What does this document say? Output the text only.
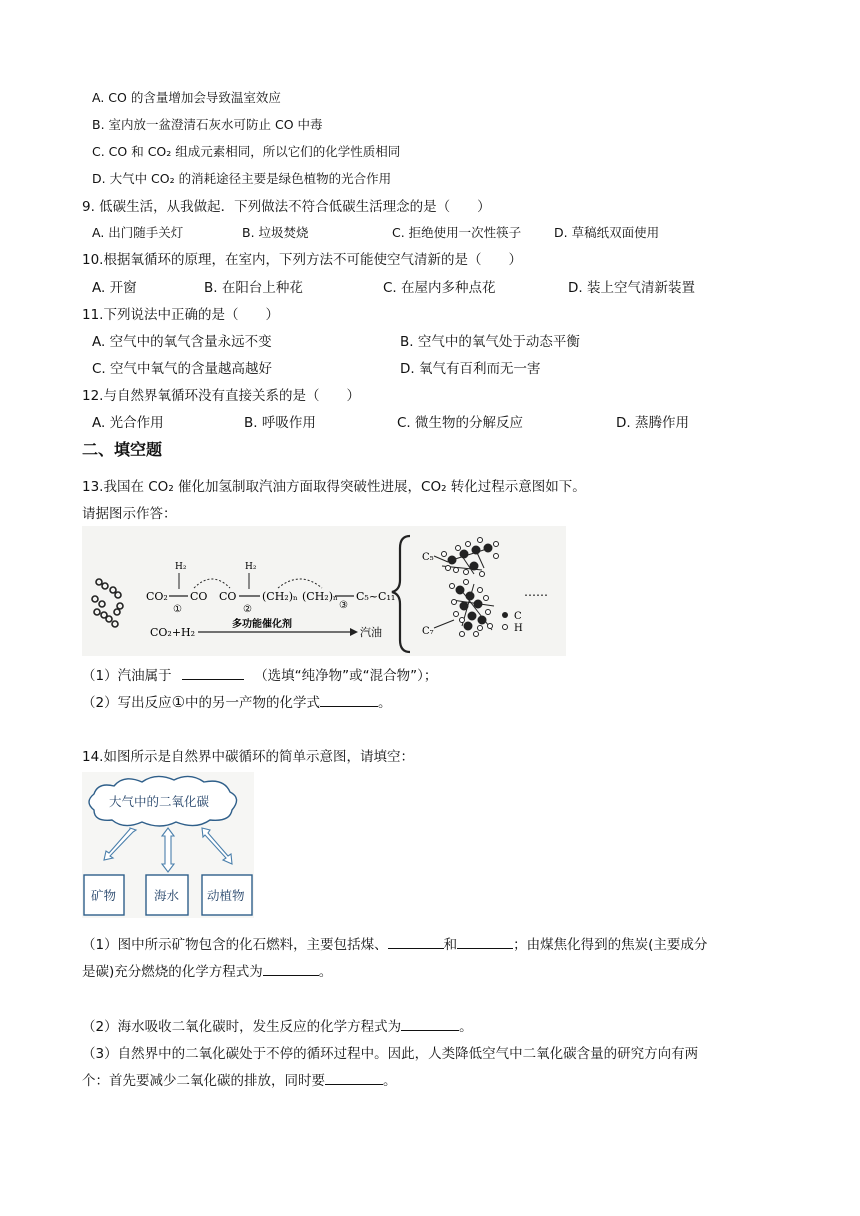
A. CO 的含量增加会导致温室效应
B. 室内放一盆澄清石灰水可防止 CO 中毒
C. CO 和 CO₂ 组成元素相同，所以它们的化学性质相同
D. 大气中 CO₂ 的消耗途径主要是绿色植物的光合作用
9. 低碳生活，从我做起．下列做法不符合低碳生活理念的是（　　）
A. 出门随手关灯	B. 垃圾焚烧	C. 拒绝使用一次性筷子	D. 草稿纸双面使用
10.根据氧循环的原理，在室内，下列方法不可能使空气清新的是（　　）
A. 开窗	B. 在阳台上种花	C. 在屋内多种点花	D. 装上空气清新装置
11.下列说法中正确的是（　　）
A. 空气中的氧气含量永远不变	B. 空气中的氧气处于动态平衡
C. 空气中氧气的含量越高越好	D. 氧气有百利而无一害
12.与自然界氧循环没有直接关系的是（　　）
A. 光合作用	B. 呼吸作用	C. 微生物的分解反应	D. 蒸腾作用
二、填空题
13.我国在 CO₂ 催化加氢制取汽油方面取得突破性进展，CO₂ 转化过程示意图如下。
请据图示作答：
CO₂
H₂
①
CO CO
H₂
②
(CH₂)ₙ (CH₂)ₙ
③
C₅~C₁₁
CO₂+H₂
多功能催化剂
汽油
C₅
C₇
……
C
H
（1）汽油属于	（选填“纯净物”或“混合物”）；
（2）写出反应①中的另一产物的化学式	。
14.如图所示是自然界中碳循环的简单示意图，请填空：
大气中的二氧化碳
矿物	海水 动植物
（1）图中所示矿物包含的化石燃料，主要包括煤、	和	；由煤焦化得到的焦炭(主要成分
是碳)充分燃烧的化学方程式为	。
（2）海水吸收二氧化碳时，发生反应的化学方程式为	。
（3）自然界中的二氧化碳处于不停的循环过程中。因此，人类降低空气中二氧化碳含量的研究方向有两
个：首先要减少二氧化碳的排放，同时要	。
